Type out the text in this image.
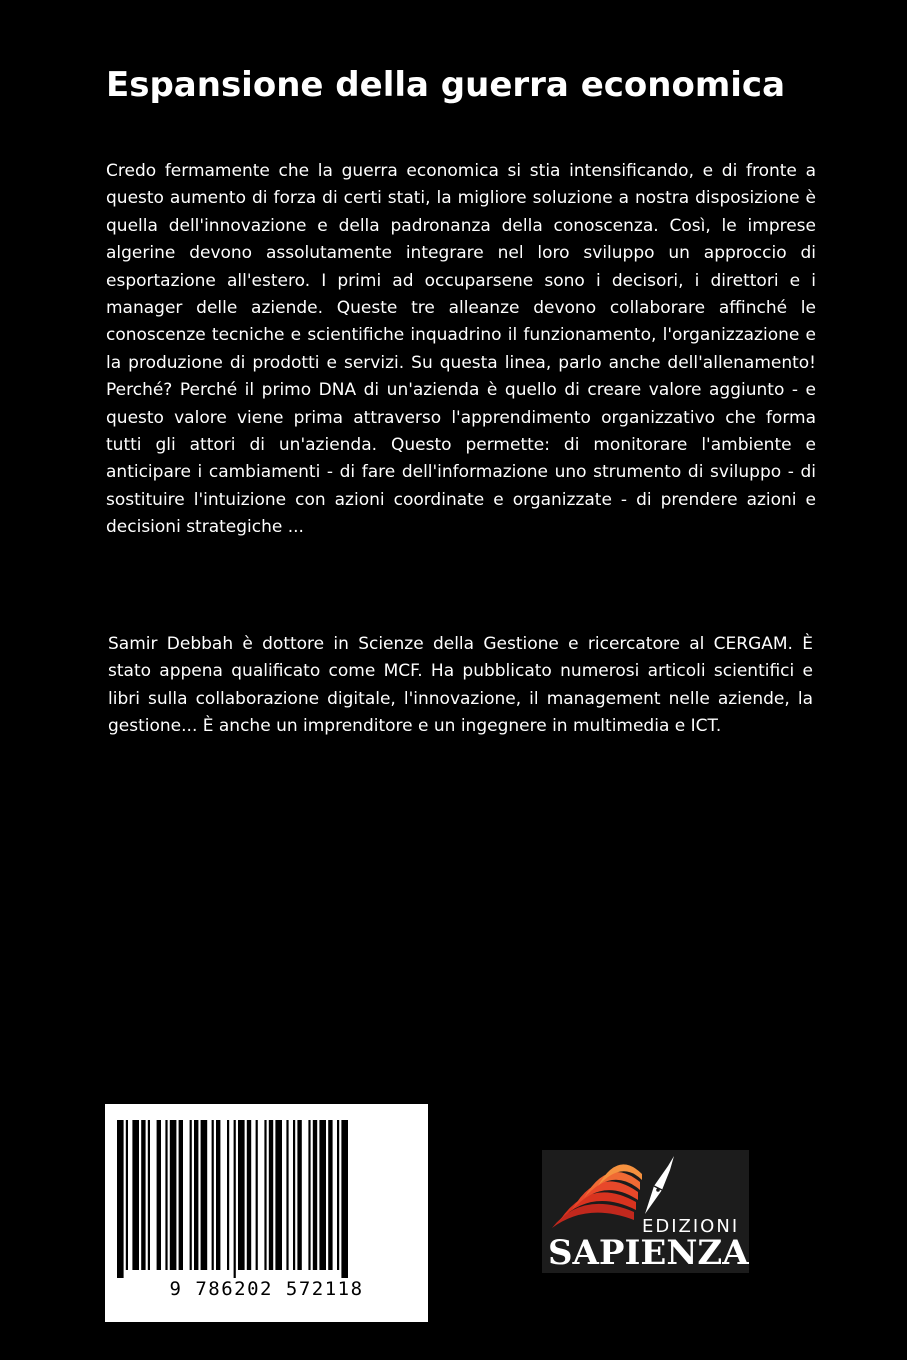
Espansione della guerra economica

Credo fermamente che la guerra economica si stia intensificando, e di fronte a questo aumento di forza di certi stati, la migliore soluzione a nostra disposizione è quella dell'innovazione e della padronanza della conoscenza. Così, le imprese algerine devono assolutamente integrare nel loro sviluppo un approccio di esportazione all'estero. I primi ad occuparsene sono i decisori, i direttori e i manager delle aziende. Queste tre alleanze devono collaborare affinché le conoscenze tecniche e scientifiche inquadrino il funzionamento, l'organizzazione e la produzione di prodotti e servizi. Su questa linea, parlo anche dell'allenamento! Perché? Perché il primo DNA di un'azienda è quello di creare valore aggiunto - e questo valore viene prima attraverso l'apprendimento organizzativo che forma tutti gli attori di un'azienda. Questo permette: di monitorare l'ambiente e anticipare i cambiamenti - di fare dell'informazione uno strumento di sviluppo - di sostituire l'intuizione con azioni coordinate e organizzate - di prendere azioni e decisioni strategiche ...

Samir Debbah è dottore in Scienze della Gestione e ricercatore al CERGAM. È stato appena qualificato come MCF. Ha pubblicato numerosi articoli scientifici e libri sulla collaborazione digitale, l'innovazione, il management nelle aziende, la gestione... È anche un imprenditore e un ingegnere in multimedia e ICT.

9 786202 572118
EDIZIONI
SAPIENZA
